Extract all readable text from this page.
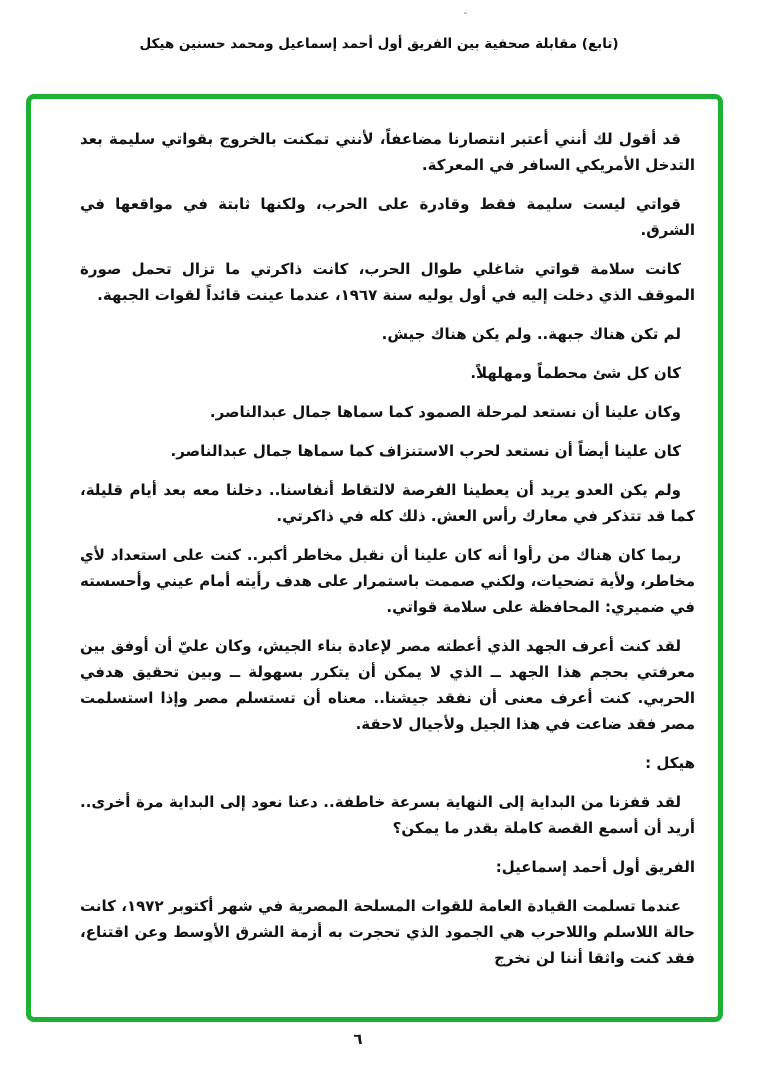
(تابع) مقابلة صحفية بين الفريق أول أحمد إسماعيل ومحمد حسنين هيكل

قد أقول لك أنني أعتبر انتصارنا مضاعفاً، لأنني تمكنت بالخروج بقواتي سليمة بعد التدخل الأمريكي السافر في المعركة.

قواتي ليست سليمة فقط وقادرة على الحرب، ولكنها ثابتة في مواقعها في الشرق.

كانت سلامة قواتي شاغلي طوال الحرب، كانت ذاكرتي ما تزال تحمل صورة الموقف الذي دخلت إليه في أول يوليه سنة ١٩٦٧، عندما عينت قائداً لقوات الجبهة.

لم تكن هناك جبهة.. ولم يكن هناك جيش.

كان كل شئ محطماً ومهلهلاً.

وكان علينا أن نستعد لمرحلة الصمود كما سماها جمال عبدالناصر.

كان علينا أيضاً أن نستعد لحرب الاستنزاف كما سماها جمال عبدالناصر.

ولم يكن العدو يريد أن يعطينا الفرصة لالتقاط أنفاسنا.. دخلنا معه بعد أيام قليلة، كما قد تتذكر في معارك رأس العش. ذلك كله في ذاكرتي.

ربما كان هناك من رأوا أنه كان علينا أن نقبل مخاطر أكبر.. كنت على استعداد لأي مخاطر، ولأية تضحيات، ولكني صممت باستمرار على هدف رأيته أمام عيني وأحسسته في ضميري: المحافظة على سلامة قواتي.

لقد كنت أعرف الجهد الذي أعطته مصر لإعادة بناء الجيش، وكان عليّ أن أوفق بين معرفتي بحجم هذا الجهد ــ الذي لا يمكن أن يتكرر بسهولة ــ وبين تحقيق هدفي الحربي. كنت أعرف معنى أن نفقد جيشنا.. معناه أن تستسلم مصر وإذا استسلمت مصر فقد ضاعت في هذا الجيل ولأجيال لاحقة.

هيكل :

لقد قفزنا من البداية إلى النهاية بسرعة خاطفة.. دعنا نعود إلى البداية مرة أخرى.. أريد أن أسمع القصة كاملة بقدر ما يمكن؟

الفريق أول أحمد إسماعيل:

عندما تسلمت القيادة العامة للقوات المسلحة المصرية في شهر أكتوبر ١٩٧٢، كانت حالة اللاسلم واللاحرب هي الجمود الذي تحجرت به أزمة الشرق الأوسط وعن اقتناع، فقد كنت واثقا أننا لن نخرج

٦
